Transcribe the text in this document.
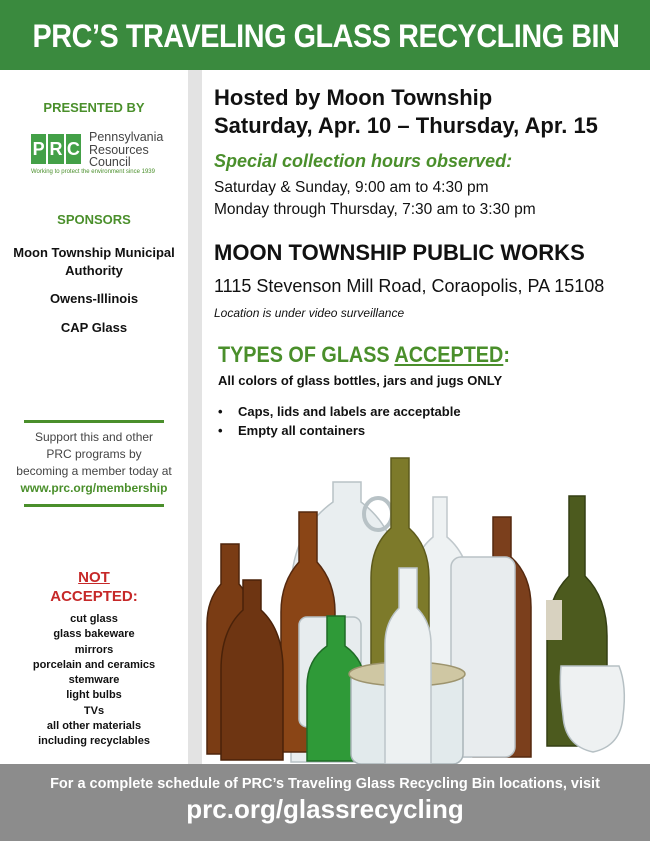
PRC’S TRAVELING GLASS RECYCLING BIN
PRESENTED BY
P R C
Pennsylvania
Resources
Council
Working to protect the environment since 1939
SPONSORS
Moon Township Municipal Authority
Owens-Illinois
CAP Glass
Support this and other
PRC programs by
becoming a member today at
www.prc.org/membership
NOT
ACCEPTED:
cut glass
glass bakeware
mirrors
porcelain and ceramics
stemware
light bulbs
TVs
all other materials
including recyclables
Hosted by Moon Township
Saturday, Apr. 10 – Thursday, Apr. 15
Special collection hours observed:
Saturday & Sunday, 9:00 am to 4:30 pm
Monday through Thursday, 7:30 am to 3:30 pm
MOON TOWNSHIP PUBLIC WORKS
1115 Stevenson Mill Road, Coraopolis, PA 15108
Location is under video surveillance
TYPES OF GLASS ACCEPTED:
All colors of glass bottles, jars and jugs ONLY
• Caps, lids and labels are acceptable
• Empty all containers
For a complete schedule of PRC’s Traveling Glass Recycling Bin locations, visit
prc.org/glassrecycling
